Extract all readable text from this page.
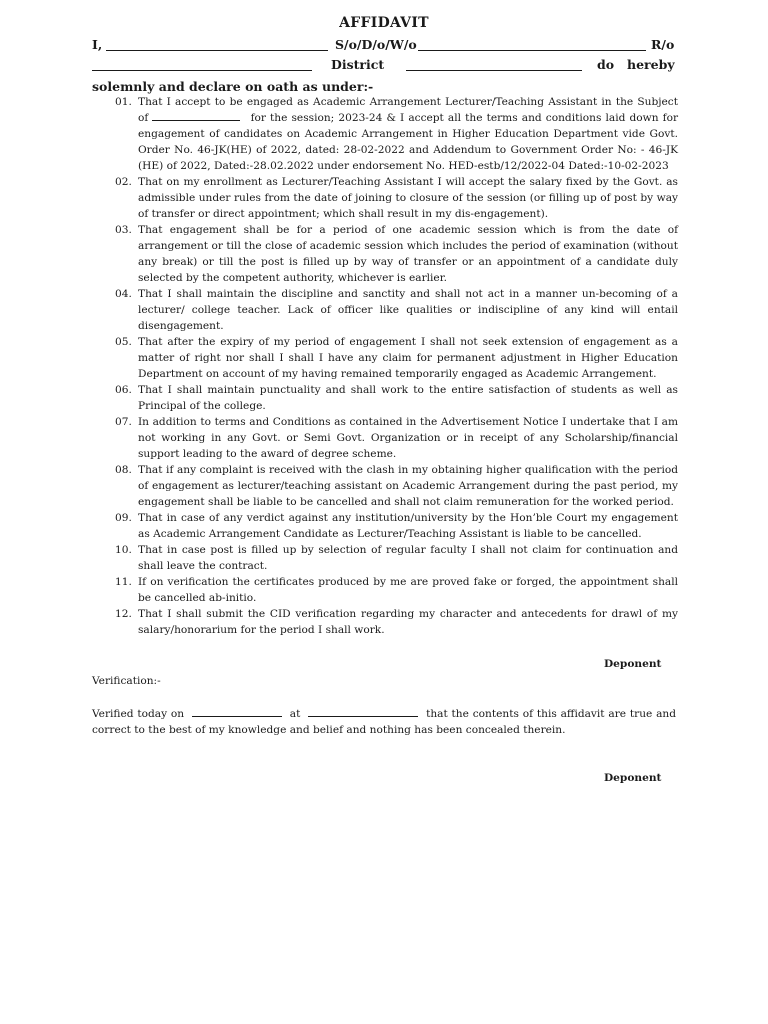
AFFIDAVIT
I,	S/o/D/o/W/o	R/o
District	do hereby
solemnly and declare on oath as under:-
01. That I accept to be engaged as Academic Arrangement Lecturer/Teaching Assistant in the Subject of	for the session; 2023-24 & I accept all the terms and conditions laid down for engagement of candidates on Academic Arrangement in Higher Education Department vide Govt. Order No. 46-JK(HE) of 2022, dated: 28-02-2022 and Addendum to Government Order No: - 46-JK (HE) of 2022, Dated:-28.02.2022 under endorsement No. HED-estb/12/2022-04 Dated:-10-02-2023
02. That on my enrollment as Lecturer/Teaching Assistant I will accept the salary fixed by the Govt. as admissible under rules from the date of joining to closure of the session (or filling up of post by way of transfer or direct appointment; which shall result in my dis-engagement).
03. That engagement shall be for a period of one academic session which is from the date of arrangement or till the close of academic session which includes the period of examination (without any break) or till the post is filled up by way of transfer or an appointment of a candidate duly selected by the competent authority, whichever is earlier.
04. That I shall maintain the discipline and sanctity and shall not act in a manner un-becoming of a lecturer/ college teacher. Lack of officer like qualities or indiscipline of any kind will entail disengagement.
05. That after the expiry of my period of engagement I shall not seek extension of engagement as a matter of right nor shall I shall I have any claim for permanent adjustment in Higher Education Department on account of my having remained temporarily engaged as Academic Arrangement.
06. That I shall maintain punctuality and shall work to the entire satisfaction of students as well as Principal of the college.
07. In addition to terms and Conditions as contained in the Advertisement Notice I undertake that I am not working in any Govt. or Semi Govt. Organization or in receipt of any Scholarship/financial support leading to the award of degree scheme.
08. That if any complaint is received with the clash in my obtaining higher qualification with the period of engagement as lecturer/teaching assistant on Academic Arrangement during the past period, my engagement shall be liable to be cancelled and shall not claim remuneration for the worked period.
09. That in case of any verdict against any institution/university by the Hon’ble Court my engagement as Academic Arrangement Candidate as Lecturer/Teaching Assistant is liable to be cancelled.
10. That in case post is filled up by selection of regular faculty I shall not claim for continuation and shall leave the contract.
11. If on verification the certificates produced by me are proved fake or forged, the appointment shall be cancelled ab-initio.
12. That I shall submit the CID verification regarding my character and antecedents for drawl of my salary/honorarium for the period I shall work.
Deponent
Verification:-

Verified today on	at	that the contents of this affidavit are true and correct to the best of my knowledge and belief and nothing has been concealed therein.

Deponent
